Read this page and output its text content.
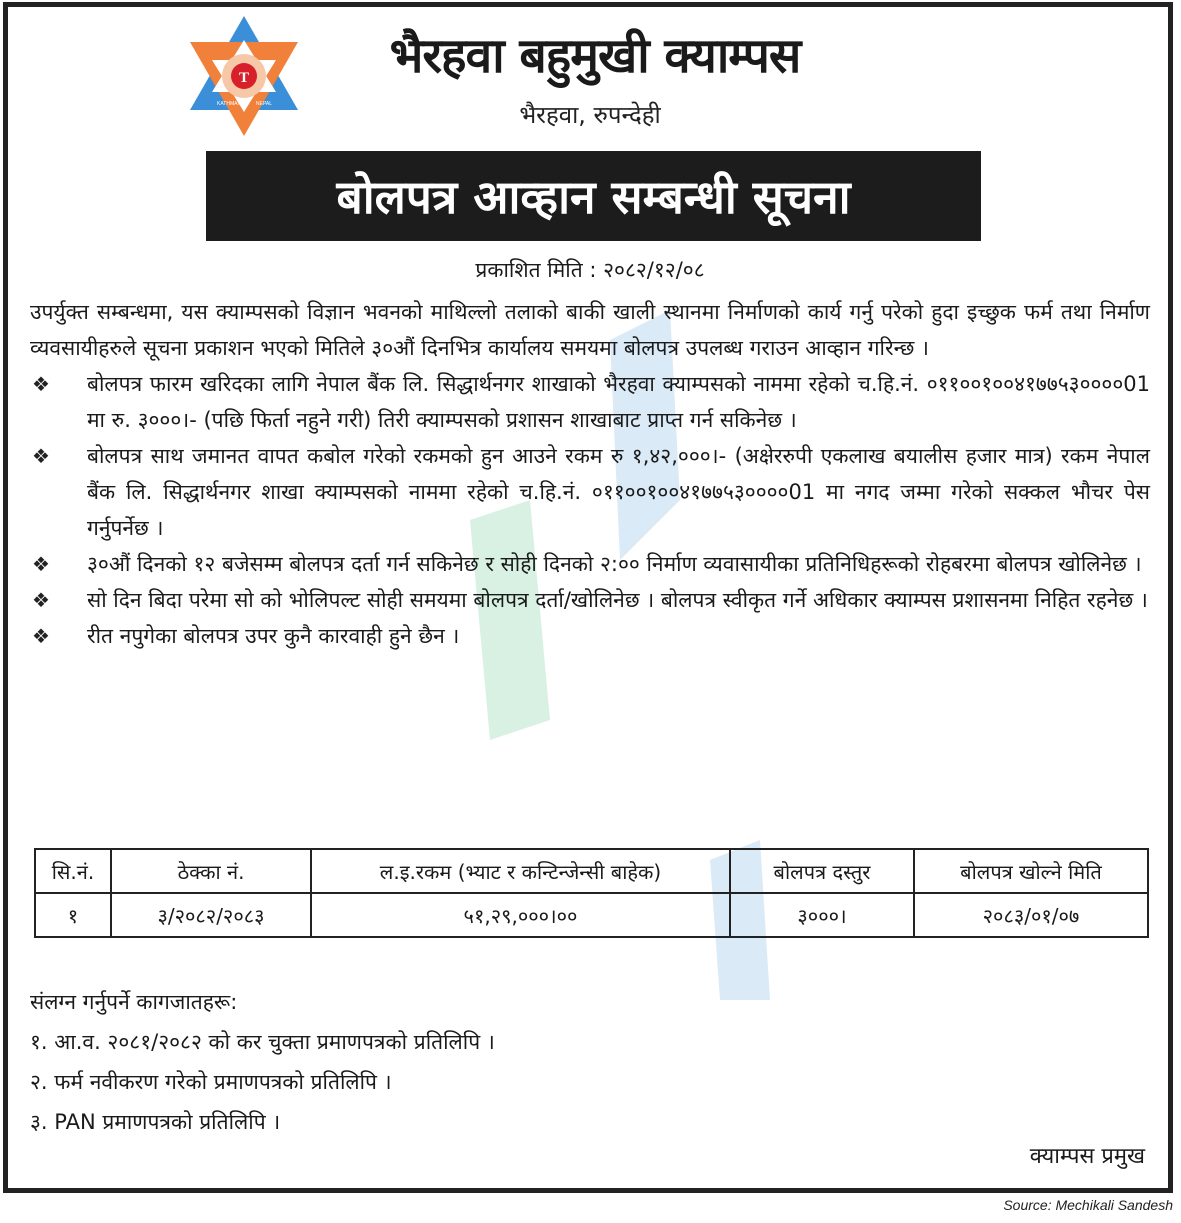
T
KATHMANDU NEPAL
भैरहवा बहुमुखी क्याम्पस
भैरहवा, रुपन्देही
बोलपत्र आव्हान सम्बन्धी सूचना
प्रकाशित मिति : २०८२/१२/०८

उपर्युक्त सम्बन्धमा, यस क्याम्पसको विज्ञान भवनको माथिल्लो तलाको बाकी खाली स्थानमा निर्माणको कार्य गर्नु परेको हुदा इच्छुक फर्म तथा निर्माण व्यवसायीहरुले सूचना प्रकाशन भएको मितिले ३०औं दिनभित्र कार्यालय समयमा बोलपत्र उपलब्ध गराउन आव्हान गरिन्छ ।

❖	बोलपत्र फारम खरिदका लागि नेपाल बैंक लि. सिद्धार्थनगर शाखाको भैरहवा क्याम्पसको नाममा रहेको च.हि.नं. ०११००१००४१७७५३००००01 मा रु. ३०००।- (पछि फिर्ता नहुने गरी) तिरी क्याम्पसको प्रशासन शाखाबाट प्राप्त गर्न सकिनेछ ।
❖	बोलपत्र साथ जमानत वापत कबोल गरेको रकमको हुन आउने रकम रु १,४२,०००।- (अक्षेररुपी एकलाख बयालीस हजार मात्र) रकम नेपाल बैंक लि. सिद्धार्थनगर शाखा क्याम्पसको नाममा रहेको च.हि.नं. ०११००१००४१७७५३००००01 मा नगद जम्मा गरेको सक्कल भौचर पेस गर्नुपर्नेछ ।
❖	३०औं दिनको १२ बजेसम्म बोलपत्र दर्ता गर्न सकिनेछ र सोही दिनको २:०० निर्माण व्यवासायीका प्रतिनिधिहरूको रोहबरमा बोलपत्र खोलिनेछ ।
❖	सो दिन बिदा परेमा सो को भोलिपल्ट सोही समयमा बोलपत्र दर्ता/खोलिनेछ । बोलपत्र स्वीकृत गर्ने अधिकार क्याम्पस प्रशासनमा निहित रहनेछ ।
❖	रीत नपुगेका बोलपत्र उपर कुनै कारवाही हुने छैन ।
सि.नं.	ठेक्का नं.	ल.इ.रकम (भ्याट र कन्टिन्जेन्सी बाहेक)	बोलपत्र दस्तुर	बोलपत्र खोल्ने मिति
१	३/२०८२/२०८३	५१,२९,०००।००	३०००।	२०८३/०१/०७

संलग्न गर्नुपर्ने कागजातहरू:

१. आ.व. २०८१/२०८२ को कर चुक्ता प्रमाणपत्रको प्रतिलिपि ।
२. फर्म नवीकरण गरेको प्रमाणपत्रको प्रतिलिपि ।
३. PAN प्रमाणपत्रको प्रतिलिपि ।
क्याम्पस प्रमुख
Source: Mechikali Sandesh
